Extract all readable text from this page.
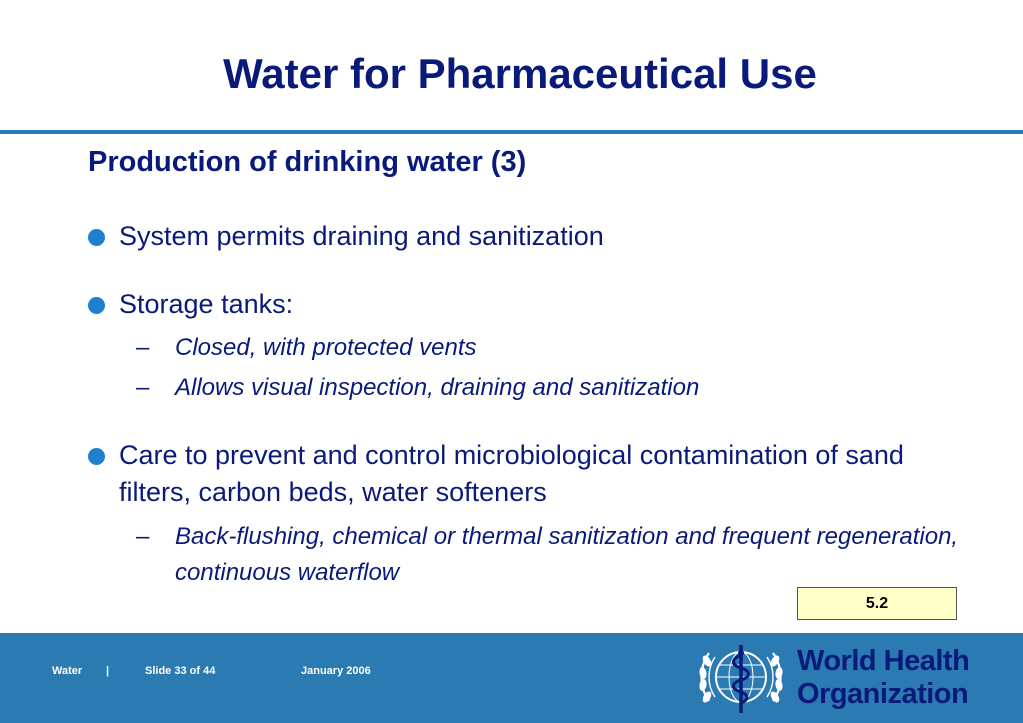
Water for Pharmaceutical Use
Production of drinking water (3)
System permits draining and sanitization
Storage tanks:
– Closed, with protected vents
– Allows visual inspection, draining and sanitization
Care to prevent and control microbiological contamination of sand filters, carbon beds, water softeners
– Back-flushing, chemical or thermal sanitization and frequent regeneration, continuous waterflow
5.2
Water |	Slide 33 of 44	January 2006	World Health
Organization
